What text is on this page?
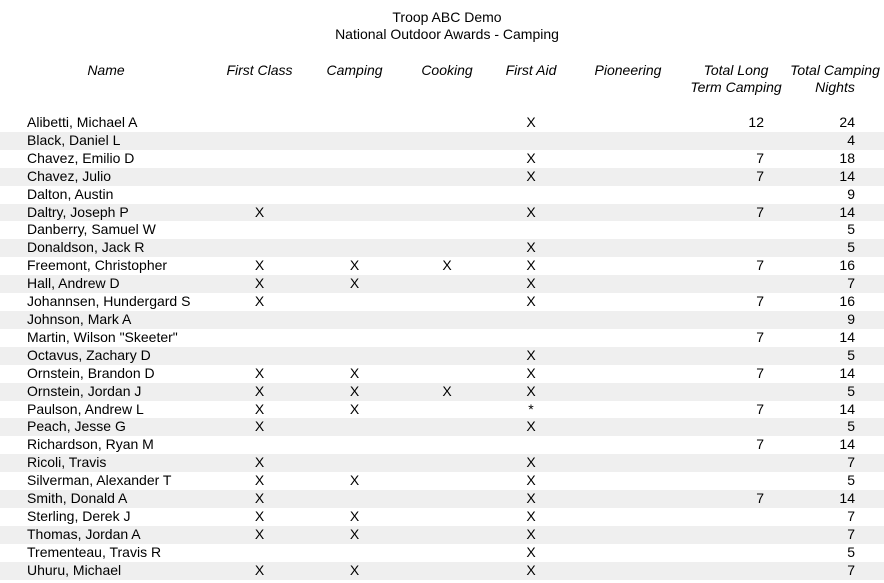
Troop ABC Demo
National Outdoor Awards - Camping
Name	First Class	Camping	Cooking	First Aid	Pioneering	Total Long Term Camping	Total Camping Nights
Alibetti, Michael A				X		12	24
Black, Daniel L							4
Chavez, Emilio D				X		7	18
Chavez, Julio				X		7	14
Dalton, Austin							9
Daltry, Joseph P	X			X		7	14
Danberry, Samuel W							5
Donaldson, Jack R				X			5
Freemont, Christopher	X	X	X	X		7	16
Hall, Andrew D	X	X		X			7
Johannsen, Hundergard S	X			X		7	16
Johnson, Mark A							9
Martin, Wilson "Skeeter"						7	14
Octavus, Zachary D				X			5
Ornstein, Brandon D	X	X		X		7	14
Ornstein, Jordan J	X	X	X	X			5
Paulson, Andrew L	X	X		*		7	14
Peach, Jesse G	X			X			5
Richardson, Ryan M						7	14
Ricoli, Travis	X			X			7
Silverman, Alexander T	X	X		X			5
Smith, Donald A	X			X		7	14
Sterling, Derek J	X	X		X			7
Thomas, Jordan A	X	X		X			7
Trementeau, Travis R				X			5
Uhuru, Michael	X	X		X			7
